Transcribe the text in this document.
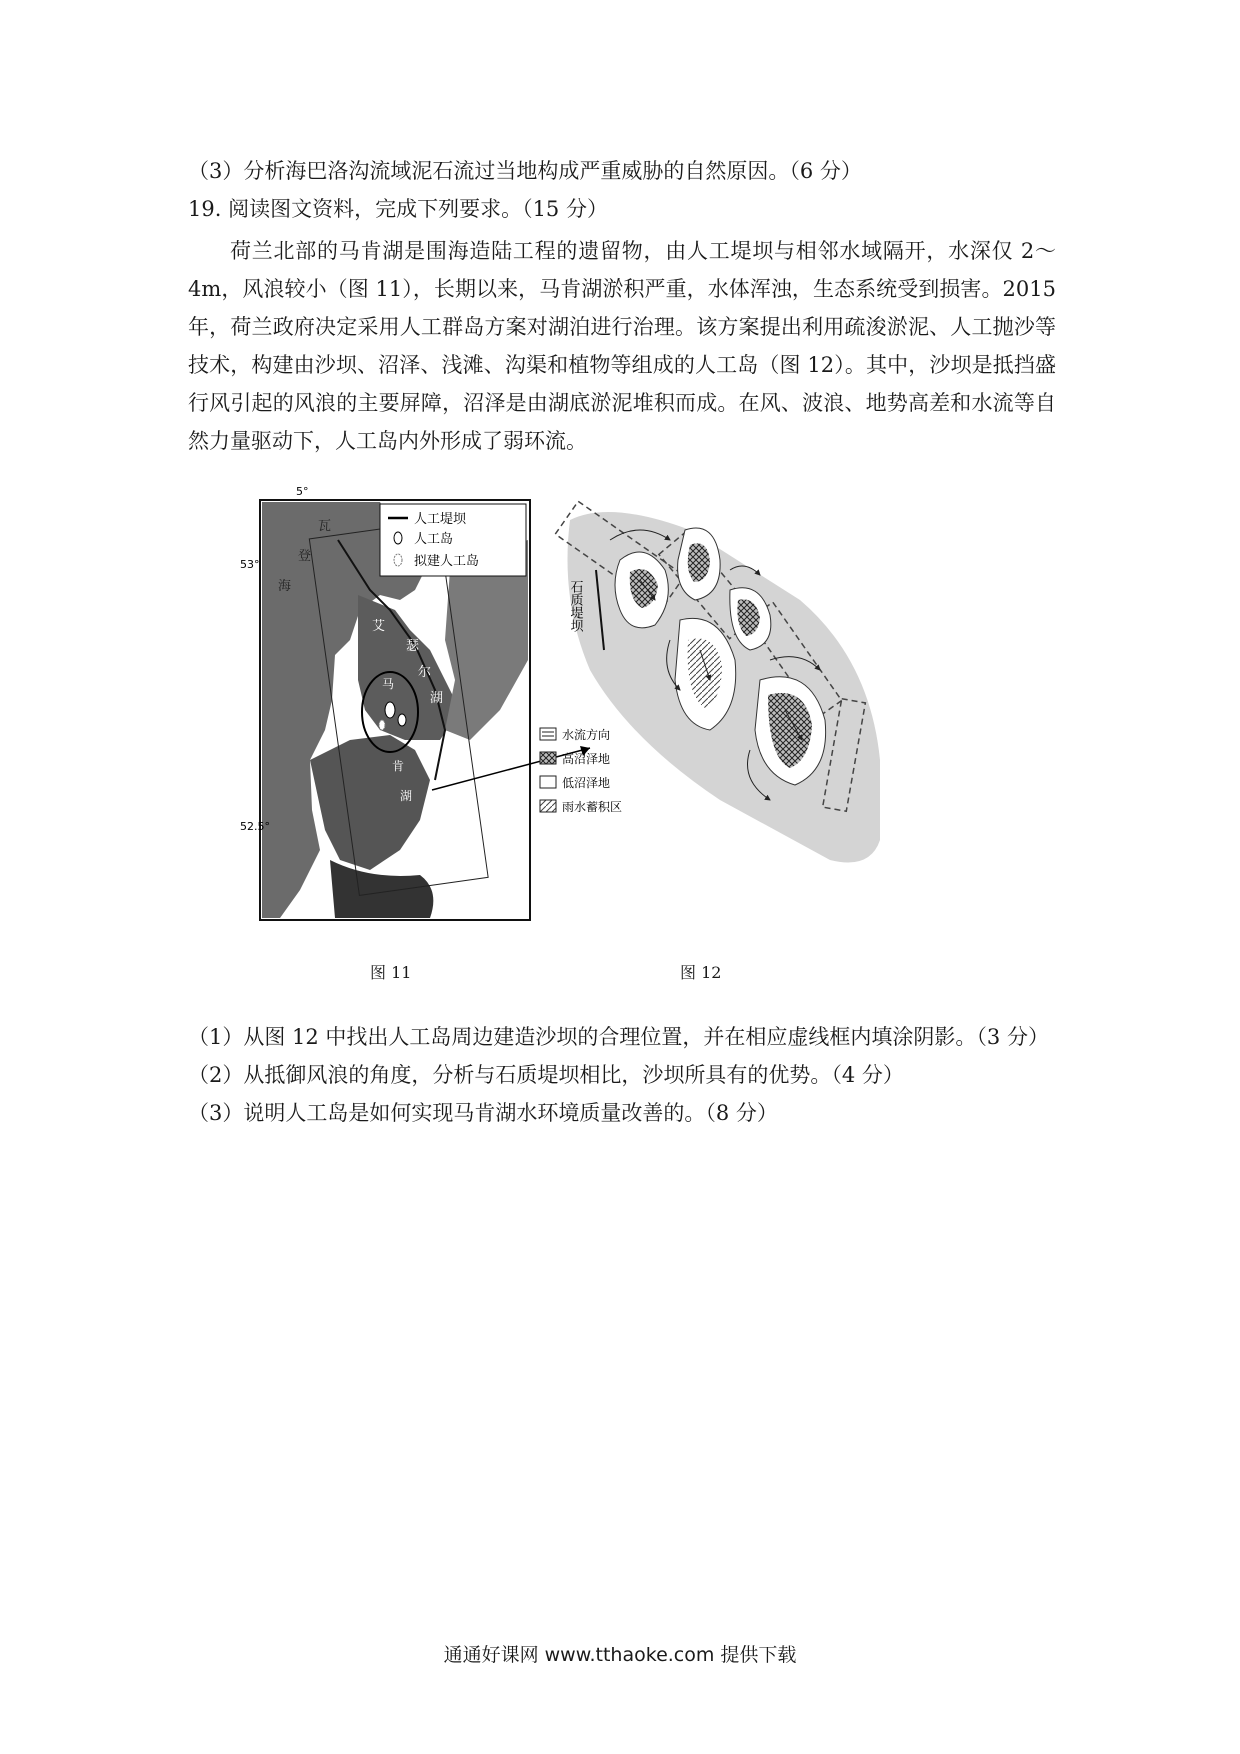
（3）分析海巴洛沟流域泥石流过当地构成严重威胁的自然原因。（6 分）
19. 阅读图文资料，完成下列要求。（15 分）
荷兰北部的马肯湖是围海造陆工程的遗留物，由人工堤坝与相邻水域隔开，水深仅 2～4m，风浪较小（图 11），长期以来，马肯湖淤积严重，水体浑浊，生态系统受到损害。2015 年，荷兰政府决定采用人工群岛方案对湖泊进行治理。该方案提出利用疏浚淤泥、人工抛沙等技术，构建由沙坝、沼泽、浅滩、沟渠和植物等组成的人工岛（图 12）。其中，沙坝是抵挡盛行风引起的风浪的主要屏障，沼泽是由湖底淤泥堆积而成。在风、波浪、地势高差和水流等自然力量驱动下，人工岛内外形成了弱环流。
人工堤坝
人工岛
拟建人工岛
5°
53°
52.5°
瓦
登
海
艾
瑟
尔
湖
马
肯
湖
石质堤坝
水流方向
高沼泽地
低沼泽地
雨水蓄积区
图 11	图 12
（1）从图 12 中找出人工岛周边建造沙坝的合理位置，并在相应虚线框内填涂阴影。（3 分）
（2）从抵御风浪的角度，分析与石质堤坝相比，沙坝所具有的优势。（4 分）
（3）说明人工岛是如何实现马肯湖水环境质量改善的。（8 分）
通通好课网 www.tthaoke.com 提供下载
